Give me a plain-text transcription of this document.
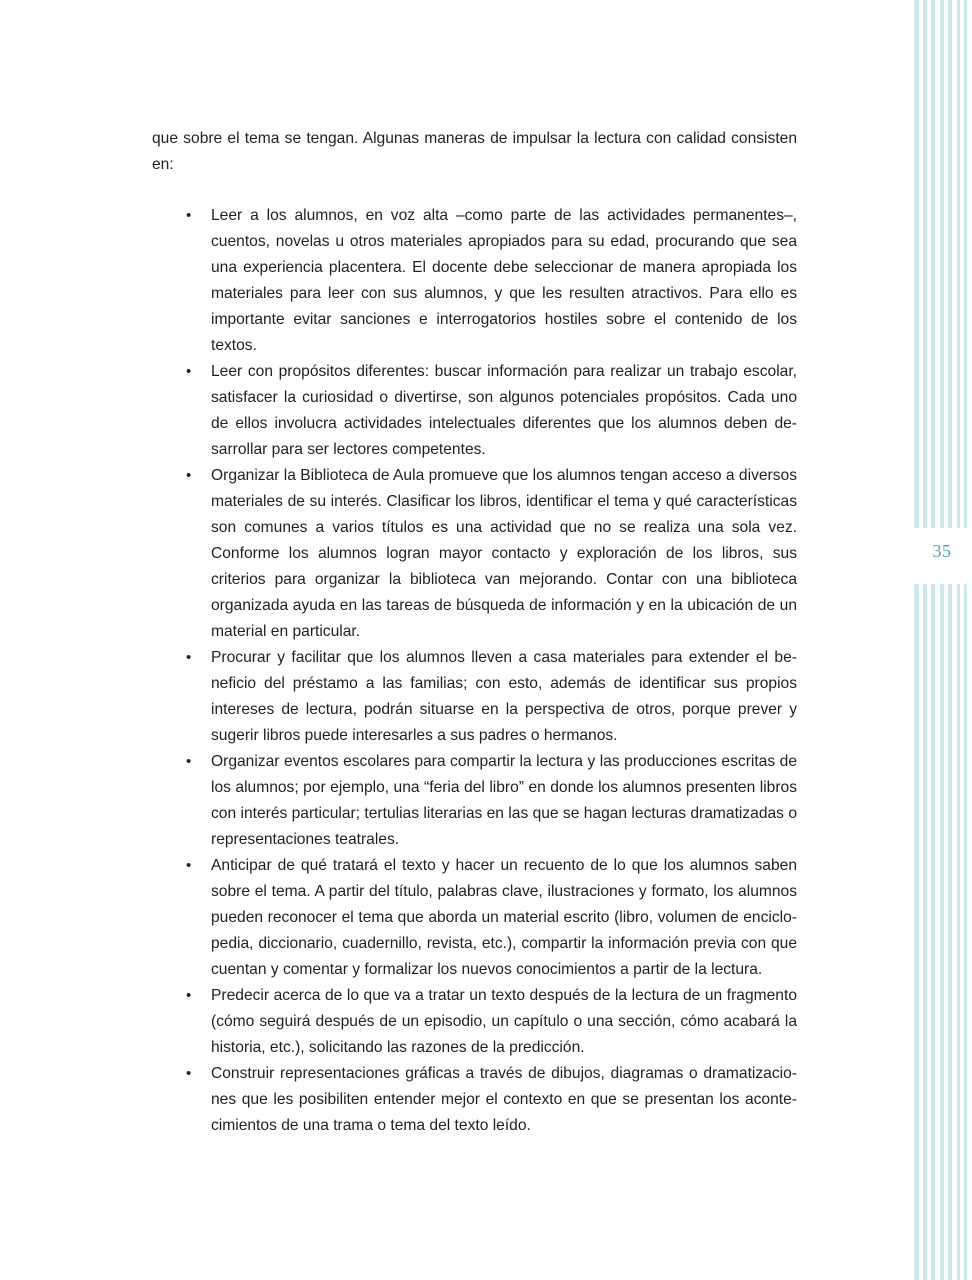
que sobre el tema se tengan. Algunas maneras de impulsar la lectura con calidad consisten en:

• Leer a los alumnos, en voz alta –como parte de las actividades permanentes–, cuentos, novelas u otros materiales apropiados para su edad, procurando que sea una experiencia placentera. El docente debe seleccionar de manera apropiada los materiales para leer con sus alumnos, y que les resulten atractivos. Para ello es importante evitar sanciones e interrogatorios hostiles sobre el contenido de los textos.
• Leer con propósitos diferentes: buscar información para realizar un trabajo escolar, satisfacer la curiosidad o divertirse, son algunos potenciales propósitos. Cada uno de ellos involucra actividades intelectuales diferentes que los alumnos deben desarrollar para ser lectores competentes.
• Organizar la Biblioteca de Aula promueve que los alumnos tengan acceso a diversos materiales de su interés. Clasificar los libros, identificar el tema y qué características son comunes a varios títulos es una actividad que no se realiza una sola vez. Conforme los alumnos logran mayor contacto y exploración de los libros, sus criterios para organizar la biblioteca van mejorando. Contar con una biblioteca organizada ayuda en las tareas de búsqueda de información y en la ubicación de un material en particular.
• Procurar y facilitar que los alumnos lleven a casa materiales para extender el beneficio del préstamo a las familias; con esto, además de identificar sus propios intereses de lectura, podrán situarse en la perspectiva de otros, porque prever y sugerir libros puede interesarles a sus padres o hermanos.
• Organizar eventos escolares para compartir la lectura y las producciones escritas de los alumnos; por ejemplo, una “feria del libro” en donde los alumnos presenten libros con interés particular; tertulias literarias en las que se hagan lecturas dramatizadas o representaciones teatrales.
• Anticipar de qué tratará el texto y hacer un recuento de lo que los alumnos saben sobre el tema. A partir del título, palabras clave, ilustraciones y formato, los alumnos pueden reconocer el tema que aborda un material escrito (libro, volumen de enciclopedia, diccionario, cuadernillo, revista, etc.), compartir la información previa con que cuentan y comentar y formalizar los nuevos conocimientos a partir de la lectura.
• Predecir acerca de lo que va a tratar un texto después de la lectura de un fragmento (cómo seguirá después de un episodio, un capítulo o una sección, cómo acabará la historia, etc.), solicitando las razones de la predicción.
• Construir representaciones gráficas a través de dibujos, diagramas o dramatizaciones que les posibiliten entender mejor el contexto en que se presentan los acontecimientos de una trama o tema del texto leído.
35
